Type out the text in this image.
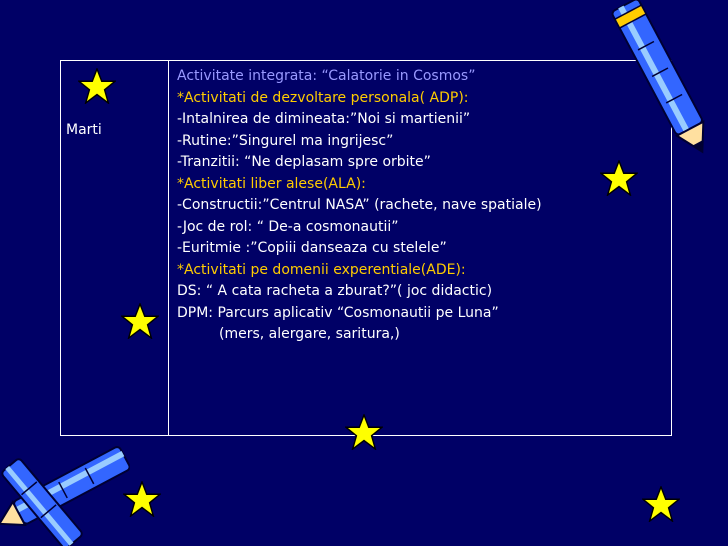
Marti
Activitate integrata: “Calatorie in Cosmos”
*Activitati de dezvoltare personala( ADP):
-Intalnirea de dimineata:”Noi si martienii”
-Rutine:”Singurel ma ingrijesc”
-Tranzitii: “Ne deplasam spre orbite”
*Activitati liber alese(ALA):
-Constructii:”Centrul NASA” (rachete, nave spatiale)
-Joc de rol: “ De-a cosmonautii”
-Euritmie :”Copiii danseaza cu stelele”
*Activitati pe domenii experentiale(ADE):
DS: “ A cata racheta a zburat?”( joc didactic)
DPM: Parcurs aplicativ “Cosmonautii pe Luna”
(mers, alergare, saritura,)
